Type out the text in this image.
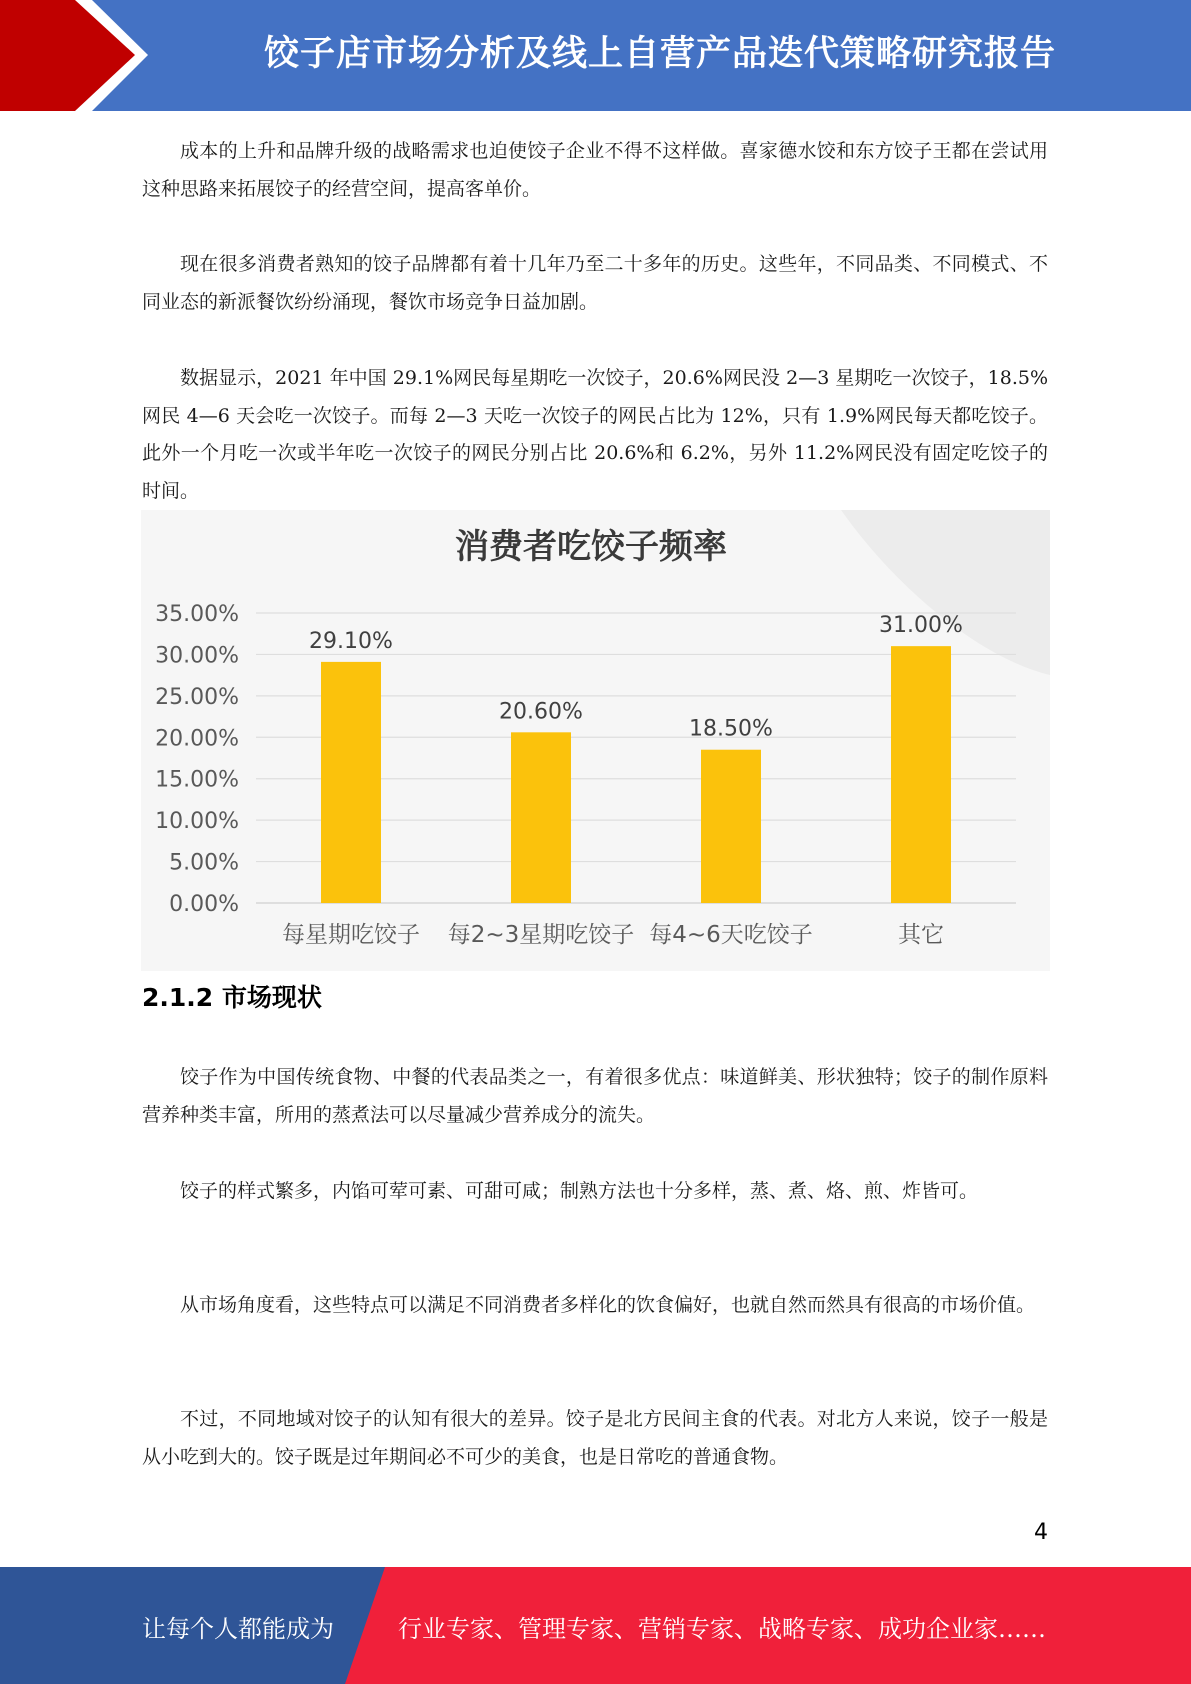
饺子店市场分析及线上自营产品迭代策略研究报告

成本的上升和品牌升级的战略需求也迫使饺子企业不得不这样做。喜家德水饺和东方饺子王都在尝试用这种思路来拓展饺子的经营空间，提高客单价。

现在很多消费者熟知的饺子品牌都有着十几年乃至二十多年的历史。这些年，不同品类、不同模式、不同业态的新派餐饮纷纷涌现，餐饮市场竞争日益加剧。

数据显示，2021 年中国 29.1%网民每星期吃一次饺子，20.6%网民没 2—3 星期吃一次饺子，18.5%网民 4—6 天会吃一次饺子。而每 2—3 天吃一次饺子的网民占比为 12%，只有 1.9%网民每天都吃饺子。此外一个月吃一次或半年吃一次饺子的网民分别占比 20.6%和 6.2%，另外 11.2%网民没有固定吃饺子的时间。

消费者吃饺子频率
0.00%
5.00%
10.00%
15.00%
20.00%
25.00%
30.00%
35.00%
29.10%
20.60%
18.50%
31.00%
每星期吃饺子 每2~3星期吃饺子 每4~6天吃饺子	其它
2.1.2 市场现状

饺子作为中国传统食物、中餐的代表品类之一，有着很多优点：味道鲜美、形状独特；饺子的制作原料营养种类丰富，所用的蒸煮法可以尽量减少营养成分的流失。

饺子的样式繁多，内馅可荤可素、可甜可咸；制熟方法也十分多样，蒸、煮、烙、煎、炸皆可。

从市场角度看，这些特点可以满足不同消费者多样化的饮食偏好，也就自然而然具有很高的市场价值。

不过，不同地域对饺子的认知有很大的差异。饺子是北方民间主食的代表。对北方人来说，饺子一般是从小吃到大的。饺子既是过年期间必不可少的美食，也是日常吃的普通食物。

4
让每个人都能成为	行业专家、管理专家、营销专家、战略专家、成功企业家……
